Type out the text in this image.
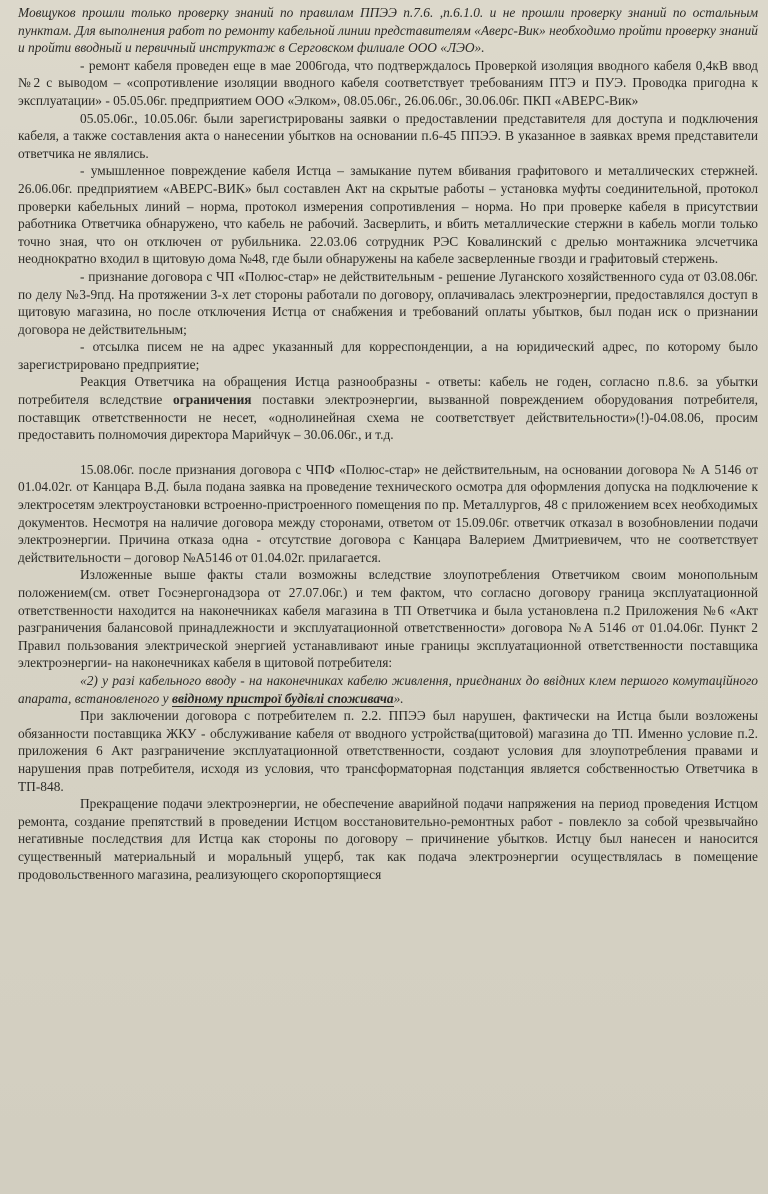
Мовщуков прошли только проверку знаний по правилам ППЭЭ п.7.6. ,п.6.1.0. и не прошли проверку знаний по остальным пунктам. Для выполнения работ по ремонту кабельной линии представителям «Аверс-Вик» необходимо пройти проверку знаний и пройти вводный и первичный инструктаж в Серговском филиале ООО «ЛЭО».

- ремонт кабеля проведен еще в мае 2006года, что подтверждалось Проверкой изоляция вводного кабеля 0,4кВ ввод №2 с выводом – «сопротивление изоляции вводного кабеля соответствует требованиям ПТЭ и ПУЭ. Проводка пригодна к эксплуатации» - 05.05.06г. предприятием ООО «Элком», 08.05.06г., 26.06.06г., 30.06.06г. ПКП «АВЕРС-Вик»

05.05.06г., 10.05.06г. были зарегистрированы заявки о предоставлении представителя для доступа и подключения кабеля, а также составления акта о нанесении убытков на основании п.6-45 ППЭЭ. В указанное в заявках время представители ответчика не являлись.

- умышленное повреждение кабеля Истца – замыкание путем вбивания графитового и металлических стержней. 26.06.06г. предприятием «АВЕРС-ВИК» был составлен Акт на скрытые работы – установка муфты соединительной, протокол проверки кабельных линий – норма, протокол измерения сопротивления – норма. Но при проверке кабеля в присутствии работника Ответчика обнаружено, что кабель не рабочий. Засверлить, и вбить металлические стержни в кабель могли только точно зная, что он отключен от рубильника. 22.03.06 сотрудник РЭС Ковалинский с дрелью монтажника элсчетчика неоднократно входил в щитовую дома №48, где были обнаружены на кабеле засверленные гвозди и графитовый стержень.

- признание договора с ЧП «Полюс-стар» не действительным - решение Луганского хозяйственного суда от 03.08.06г. по делу №3-9пд. На протяжении 3-х лет стороны работали по договору, оплачивалась электроэнергии, предоставлялся доступ в щитовую магазина, но после отключения Истца от снабжения и требований оплаты убытков, был подан иск о признании договора не действительным;

- отсылка писем не на адрес указанный для корреспонденции, а на юридический адрес, по которому было зарегистрировано предприятие;

Реакция Ответчика на обращения Истца разнообразны - ответы: кабель не годен, согласно п.8.6. за убытки потребителя вследствие ограничения поставки электроэнергии, вызванной повреждением оборудования потребителя, поставщик ответственности не несет, «однолинейная схема не соответствует действительности»(!)-04.08.06, просим предоставить полномочия директора Марийчук – 30.06.06г., и т.д.

15.08.06г. после признания договора с ЧПФ «Полюс-стар» не действительным, на основании договора № А 5146 от 01.04.02г. от Канцара В.Д. была подана заявка на проведение технического осмотра для оформления допуска на подключение к электросетям электроустановки встроенно-пристроенного помещения по пр. Металлургов, 48 с приложением всех необходимых документов. Несмотря на наличие договора между сторонами, ответом от 15.09.06г. ответчик отказал в возобновлении подачи электроэнергии. Причина отказа одна - отсутствие договора с Канцара Валерием Дмитриевичем, что не соответствует действительности – договор №А5146 от 01.04.02г. прилагается.

Изложенные выше факты стали возможны вследствие злоупотребления Ответчиком своим монопольным положением(см. ответ Госэнергонадзора от 27.07.06г.) и тем фактом, что согласно договору граница эксплуатационной ответственности находится на наконечниках кабеля магазина в ТП Ответчика и была установлена п.2 Приложения №6 «Акт разграничения балансовой принадлежности и эксплуатационной ответственности» договора №А 5146 от 01.04.06г. Пункт 2 Правил пользования электрической энергией устанавливают иные границы эксплуатационной ответственности поставщика электроэнергии- на наконечниках кабеля в щитовой потребителя:

«2) у разі кабельного вводу - на наконечниках кабелю живлення, приєднаних до ввідних клем першого комутаційного апарата, встановленого у ввідному пристрої будівлі споживача».

При заключении договора с потребителем п. 2.2. ППЭЭ был нарушен, фактически на Истца были возложены обязанности поставщика ЖКУ - обслуживание кабеля от вводного устройства(щитовой) магазина до ТП. Именно условие п.2. приложения 6 Акт разграничение эксплуатационной ответственности, создают условия для злоупотребления правами и нарушения прав потребителя, исходя из условия, что трансформаторная подстанция является собственностью Ответчика в ТП-848.

Прекращение подачи электроэнергии, не обеспечение аварийной подачи напряжения на период проведения Истцом ремонта, создание препятствий в проведении Истцом восстановительно-ремонтных работ - повлекло за собой чрезвычайно негативные последствия для Истца как стороны по договору – причинение убытков. Истцу был нанесен и наносится существенный материальный и моральный ущерб, так как подача электроэнергии осуществлялась в помещение продовольственного магазина, реализующего скоропортящиеся
